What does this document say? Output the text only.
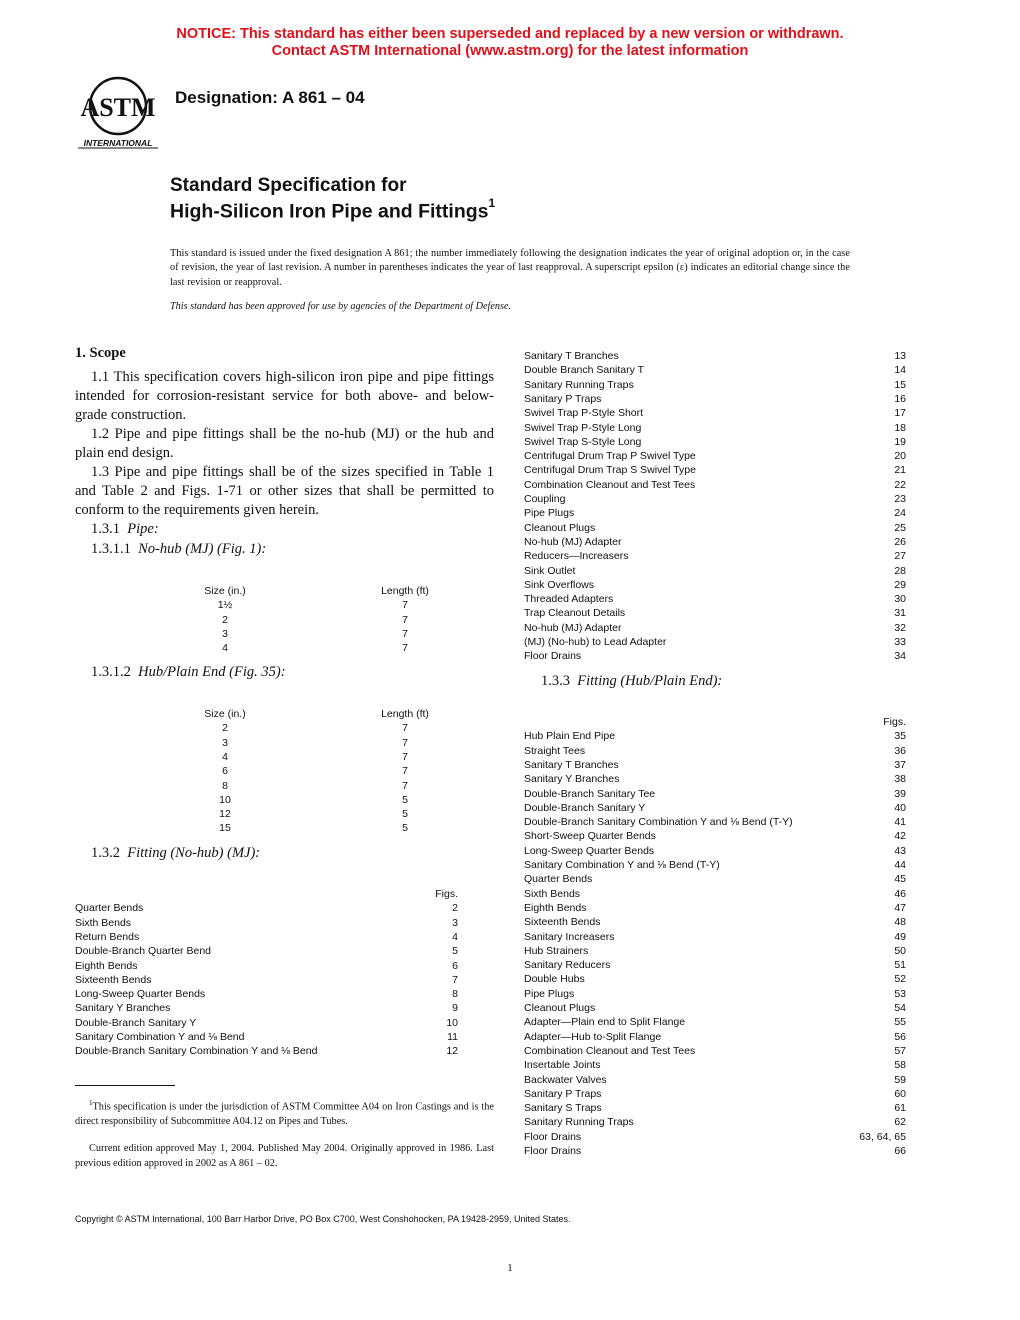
NOTICE: This standard has either been superseded and replaced by a new version or withdrawn.
Contact ASTM International (www.astm.org) for the latest information
ASTM
INTERNATIONAL
Designation: A 861 – 04
Standard Specification for
High-Silicon Iron Pipe and Fittings$^1$
This standard is issued under the fixed designation A 861; the number immediately following the designation indicates the year of original adoption or, in the case of revision, the year of last revision. A number in parentheses indicates the year of last reapproval. A superscript epsilon (ε) indicates an editorial change since the last revision or reapproval.
This standard has been approved for use by agencies of the Department of Defense.
1. Scope
1.1 This specification covers high-silicon iron pipe and pipe fittings intended for corrosion-resistant service for both above- and below-grade construction.
1.2 Pipe and pipe fittings shall be the no-hub (MJ) or the hub and plain end design.
1.3 Pipe and pipe fittings shall be of the sizes specified in Table 1 and Table 2 and Figs. 1-71 or other sizes that shall be permitted to conform to the requirements given herein.
1.3.1 Pipe:
1.3.1.1 No-hub (MJ) (Fig. 1):
Size (in.)	Length (ft)
1½	7
2	7
3	7
4	7
1.3.1.2 Hub/Plain End (Fig. 35):
Size (in.)	Length (ft)
2	7
3	7
4	7
6	7
8	7
10	5
12	5
15	5
1.3.2 Fitting (No-hub) (MJ):
Figs.
Quarter Bends	2
Sixth Bends	3
Return Bends	4
Double-Branch Quarter Bend	5
Eighth Bends	6
Sixteenth Bends	7
Long-Sweep Quarter Bends	8
Sanitary Y Branches	9
Double-Branch Sanitary Y	10
Sanitary Combination Y and ⅛ Bend	11
Double-Branch Sanitary Combination Y and ⅛ Bend	12
Sanitary T Branches	13
Double Branch Sanitary T	14
Sanitary Running Traps	15
Sanitary P Traps	16
Swivel Trap P-Style Short	17
Swivel Trap P-Style Long	18
Swivel Trap S-Style Long	19
Centrifugal Drum Trap P Swivel Type	20
Centrifugal Drum Trap S Swivel Type	21
Combination Cleanout and Test Tees	22
Coupling	23
Pipe Plugs	24
Cleanout Plugs	25
No-hub (MJ) Adapter	26
Reducers—Increasers	27
Sink Outlet	28
Sink Overflows	29
Threaded Adapters	30
Trap Cleanout Details	31
No-hub (MJ) Adapter	32
(MJ) (No-hub) to Lead Adapter	33
Floor Drains	34
1.3.3 Fitting (Hub/Plain End):
Figs.
Hub Plain End Pipe	35
Straight Tees	36
Sanitary T Branches	37
Sanitary Y Branches	38
Double-Branch Sanitary Tee	39
Double-Branch Sanitary Y	40
Double-Branch Sanitary Combination Y and ⅛ Bend (T-Y)	41
Short-Sweep Quarter Bends	42
Long-Sweep Quarter Bends	43
Sanitary Combination Y and ⅛ Bend (T-Y)	44
Quarter Bends	45
Sixth Bends	46
Eighth Bends	47
Sixteenth Bends	48
Sanitary Increasers	49
Hub Strainers	50
Sanitary Reducers	51
Double Hubs	52
Pipe Plugs	53
Cleanout Plugs	54
Adapter—Plain end to Split Flange	55
Adapter—Hub to-Split Flange	56
Combination Cleanout and Test Tees	57
Insertable Joints	58
Backwater Valves	59
Sanitary P Traps	60
Sanitary S Traps	61
Sanitary Running Traps	62
Floor Drains	63, 64, 65
Floor Drains	66
$^1$This specification is under the jurisdiction of ASTM Committee A04 on Iron Castings and is the direct responsibility of Subcommittee A04.12 on Pipes and Tubes.
Current edition approved May 1, 2004. Published May 2004. Originally approved in 1986. Last previous edition approved in 2002 as A 861 – 02.
Copyright © ASTM International, 100 Barr Harbor Drive, PO Box C700, West Conshohocken, PA 19428-2959, United States.
1
